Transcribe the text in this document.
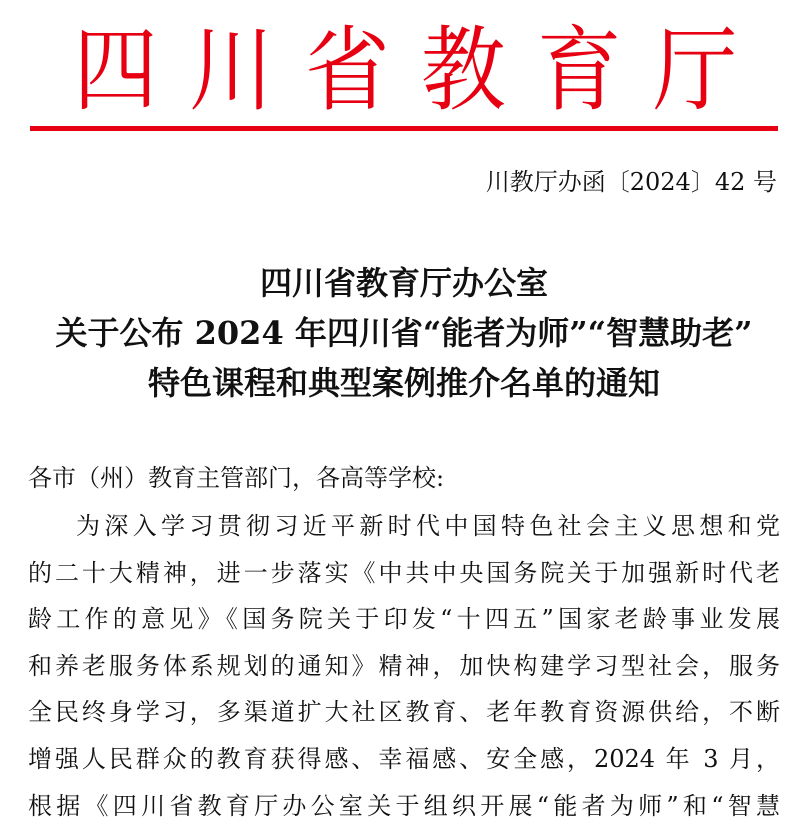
四川省教育厅
川教厅办函〔2024〕42 号
四川省教育厅办公室
关于公布 2024 年四川省“能者为师”“智慧助老”
特色课程和典型案例推介名单的通知
各市（州）教育主管部门，各高等学校:
为深入学习贯彻习近平新时代中国特色社会主义思想和党
的二十大精神，进一步落实《中共中央国务院关于加强新时代老
龄工作的意见》《国务院关于印发“十四五”国家老龄事业发展
和养老服务体系规划的通知》精神，加快构建学习型社会，服务
全民终身学习，多渠道扩大社区教育、老年教育资源供给，不断
增强人民群众的教育获得感、幸福感、安全感，2024 年 3 月，
根据《四川省教育厅办公室关于组织开展“能者为师”和“智慧
